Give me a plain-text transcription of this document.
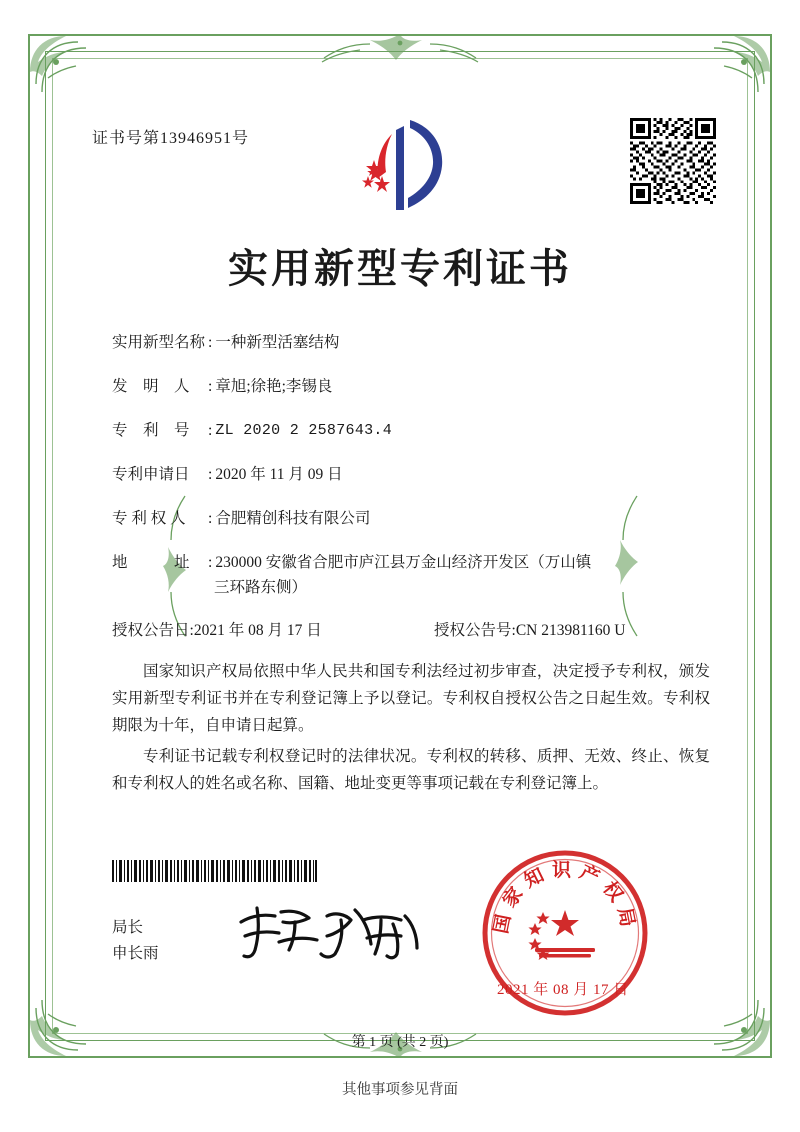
证书号第13946951号
实用新型专利证书
实用新型名称 : 一种新型活塞结构
发　明　人	: 章旭;徐艳;李锡良
专　利　号	: ZL 2020 2 2587643.4
专利申请日	: 2020 年 11 月 09 日
专 利 权 人	: 合肥精创科技有限公司
地　　　址	: 230000 安徽省合肥市庐江县万金山经济开发区（万山镇
三环路东侧）
授权公告日 : 2021 年 08 月 17 日	授权公告号 : CN 213981160 U

国家知识产权局依照中华人民共和国专利法经过初步审查，决定授予专利权，颁发实用新型专利证书并在专利登记簿上予以登记。专利权自授权公告之日起生效。专利权期限为十年，自申请日起算。

专利证书记载专利权登记时的法律状况。专利权的转移、质押、无效、终止、恢复和专利权人的姓名或名称、国籍、地址变更等事项记载在专利登记簿上。

局长
申长雨
国家知识产权局
2021 年 08 月 17 日
第 1 页 (共 2 页)
其他事项参见背面
